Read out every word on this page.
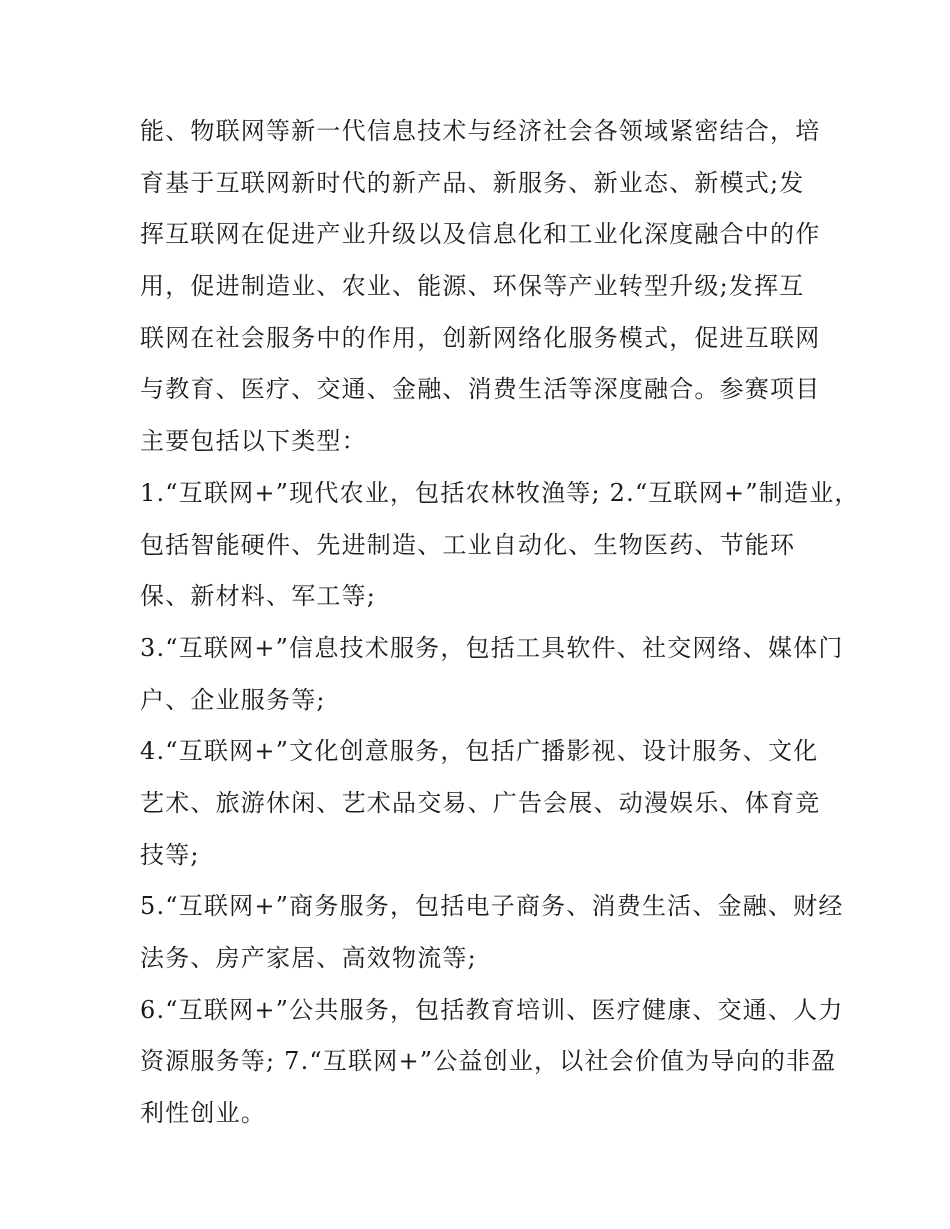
能、物联网等新一代信息技术与经济社会各领域紧密结合，培
育基于互联网新时代的新产品、新服务、新业态、新模式;发
挥互联网在促进产业升级以及信息化和工业化深度融合中的作
用，促进制造业、农业、能源、环保等产业转型升级;发挥互
联网在社会服务中的作用，创新网络化服务模式，促进互联网
与教育、医疗、交通、金融、消费生活等深度融合。参赛项目
主要包括以下类型：
1.“互联网+”现代农业，包括农林牧渔等; 2.“互联网+”制造业，
包括智能硬件、先进制造、工业自动化、生物医药、节能环
保、新材料、军工等;
3.“互联网+”信息技术服务，包括工具软件、社交网络、媒体门
户、企业服务等;
4.“互联网+”文化创意服务，包括广播影视、设计服务、文化
艺术、旅游休闲、艺术品交易、广告会展、动漫娱乐、体育竞
技等;
5.“互联网+”商务服务，包括电子商务、消费生活、金融、财经
法务、房产家居、高效物流等;
6.“互联网+”公共服务，包括教育培训、医疗健康、交通、人力
资源服务等; 7.“互联网+”公益创业，以社会价值为导向的非盈
利性创业。
